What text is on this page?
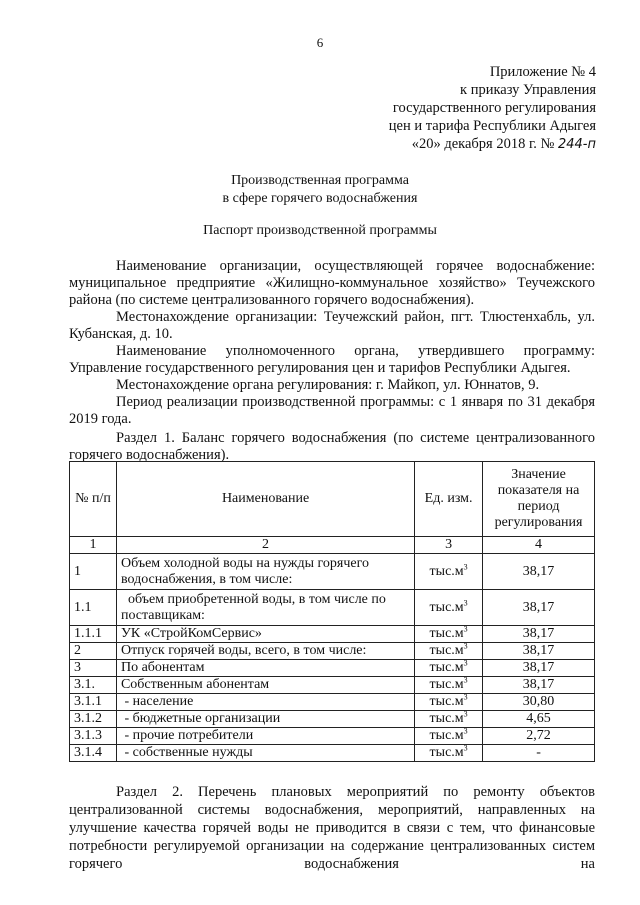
6
Приложение № 4
к приказу Управления
государственного регулирования
цен и тарифа Республики Адыгея
«20» декабря 2018 г. № 244-п
Производственная программа
в сфере горячего водоснабжения
Паспорт производственной программы

Наименование организации, осуществляющей горячее водоснабжение: муниципальное предприятие «Жилищно-коммунальное хозяйство» Теучежского района (по системе централизованного горячего водоснабжения).

Местонахождение организации: Теучежский район, пгт. Тлюстенхабль, ул. Кубанская, д. 10.

Наименование уполномоченного органа, утвердившего программу: Управление государственного регулирования цен и тарифов Республики Адыгея.

Местонахождение органа регулирования: г. Майкоп, ул. Юннатов, 9.

Период реализации производственной программы: с 1 января по 31 декабря 2019 года.

Раздел 1. Баланс горячего водоснабжения (по системе централизованного горячего водоснабжения).

№ п/п	Наименование	Ед. изм.	Значение показателя на период регулирования
1	2	3	4
1	Объем холодной воды на нужды горячего водоснабжения, в том числе:	$тыс.м^3$	38,17
1.1	объем приобретенной воды, в том числе по поставщикам:	$тыс.м^3$	38,17
1.1.1	УК «СтройКомСервис»	$тыс.м^3$	38,17
2	Отпуск горячей воды, всего, в том числе:	$тыс.м^3$	38,17
3	По абонентам	$тыс.м^3$	38,17
3.1.	Собственным абонентам	$тыс.м^3$	38,17
3.1.1	- население	$тыс.м^3$	30,80
3.1.2	- бюджетные организации	$тыс.м^3$	4,65
3.1.3	- прочие потребители	$тыс.м^3$	2,72
3.1.4	- собственные нужды	$тыс.м^3$	-

Раздел 2. Перечень плановых мероприятий по ремонту объектов централизованной системы водоснабжения, мероприятий, направленных на улучшение качества горячей воды не приводится в связи с тем, что финансовые потребности регулируемой организации на содержание централизованных систем горячего водоснабжения на
